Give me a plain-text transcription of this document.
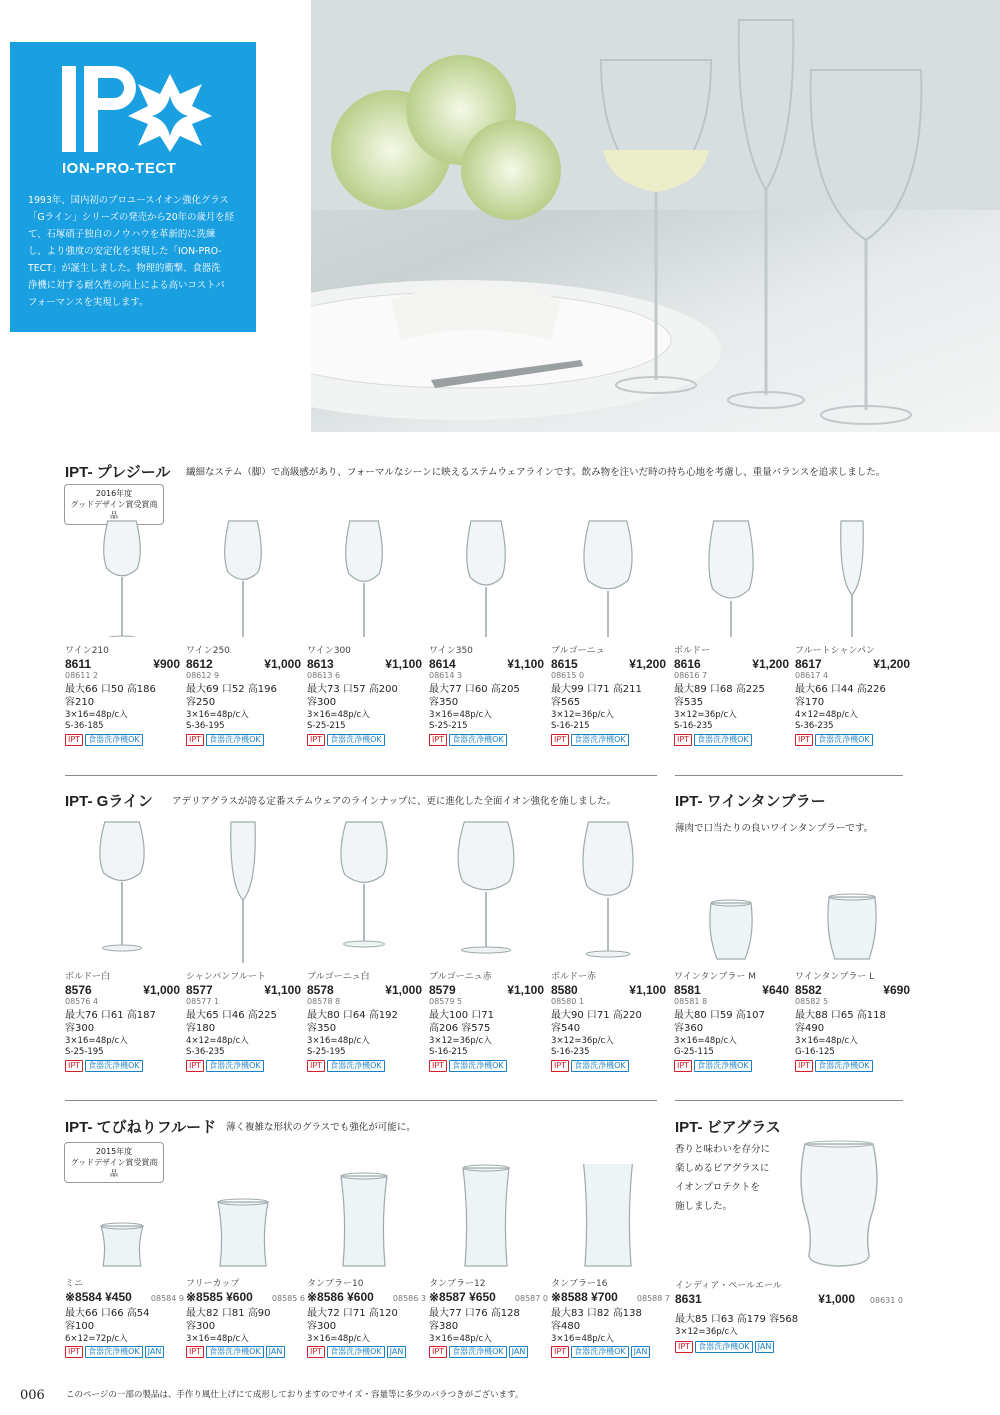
ION-PRO-TECT
1993年、国内初のプロユースイオン強化グラス
「Gライン」シリーズの発売から20年の歳月を経
て、石塚硝子独自のノウハウを革新的に洗練
し、より強度の安定化を実現した「ION-PRO-
TECT」が誕生しました。物理的衝撃、食器洗
浄機に対する耐久性の向上による高いコストパ
フォーマンスを実現します。
IPT- プレジール 繊細なステム（脚）で高級感があり、フォーマルなシーンに映えるステムウェアラインです。飲み物を注いだ時の持ち心地を考慮し、重量バランスを追求しました。
2016年度
グッドデザイン賞受賞商品
ワイン210
8611	¥900
08611 2
最大66 口50 高186
容210
3×16=48p/c入
S-36-185
IPT	食器洗浄機OK
ワイン250
8612	¥1,000
08612 9
最大69 口52 高196
容250
3×16=48p/c入
S-36-195
IPT	食器洗浄機OK
ワイン300
8613	¥1,100
08613 6
最大73 口57 高200
容300
3×16=48p/c入
S-25-215
IPT	食器洗浄機OK
ワイン350
8614	¥1,100
08614 3
最大77 口60 高205
容350
3×16=48p/c入
S-25-215
IPT	食器洗浄機OK
ブルゴーニュ
8615	¥1,200
08615 0
最大99 口71 高211
容565
3×12=36p/c入
S-16-215
IPT	食器洗浄機OK
ボルドー
8616	¥1,200
08616 7
最大89 口68 高225
容535
3×12=36p/c入
S-16-235
IPT	食器洗浄機OK
フルートシャンパン
8617	¥1,200
08617 4
最大66 口44 高226
容170
4×12=48p/c入
S-36-235
IPT	食器洗浄機OK
IPT- Gライン アデリアグラスが誇る定番ステムウェアのラインナップに、更に進化した全面イオン強化を施しました。	IPT- ワインタンブラー
薄肉で口当たりの良いワインタンブラーです。
ボルドー白
8576	¥1,000
08576 4
最大76 口61 高187
容300
3×16=48p/c入
S-25-195
IPT	食器洗浄機OK
シャンパンフルート
8577	¥1,100
08577 1
最大65 口46 高225
容180
4×12=48p/c入
S-36-235
IPT	食器洗浄機OK
ブルゴーニュ白
8578	¥1,000
08578 8
最大80 口64 高192
容350
3×16=48p/c入
S-25-195
IPT	食器洗浄機OK
ブルゴーニュ赤
8579	¥1,100
08579 5
最大100 口71
高206 容575
3×12=36p/c入
S-16-215
IPT	食器洗浄機OK
ボルドー赤
8580	¥1,100
08580 1
最大90 口71 高220
容540
3×12=36p/c入
S-16-235
IPT	食器洗浄機OK
ワインタンブラー M
8581	¥640
08581 8
最大80 口59 高107
容360
3×16=48p/c入
G-25-115
IPT	食器洗浄機OK
ワインタンブラー L
8582	¥690
08582 5
最大88 口65 高118
容490
3×16=48p/c入
G-16-125
IPT	食器洗浄機OK
IPT- てびねりフルード 薄く複雑な形状のグラスでも強化が可能に。
2015年度
グッドデザイン賞受賞商品
IPT- ビアグラス
香りと味わいを存分に
楽しめるビアグラスに
イオンプロテクトを
施しました。
ミニ
※8584 ¥450 08584 9
最大66 口66 高54
容100
6×12=72p/c入
IPT	食器洗浄機OK	JAN
フリーカップ
※8585 ¥600 08585 6
最大82 口81 高90
容300
3×16=48p/c入
IPT	食器洗浄機OK	JAN
タンブラー10
※8586 ¥600 08586 3
最大72 口71 高120
容300
3×16=48p/c入
IPT	食器洗浄機OK	JAN
タンブラー12
※8587 ¥650 08587 0
最大77 口76 高128
容380
3×16=48p/c入
IPT	食器洗浄機OK	JAN
タンブラー16
※8588 ¥700 08588 7
最大83 口82 高138
容480
3×16=48p/c入
IPT	食器洗浄機OK	JAN
インディア・ペールエール
8631	¥1,000 08631 0
最大85 口63 高179 容568
3×12=36p/c入
IPT	食器洗浄機OK	JAN
006 このページの一部の製品は、手作り風仕上げにて成形しておりますのでサイズ・容量等に多少のバラつきがございます。
